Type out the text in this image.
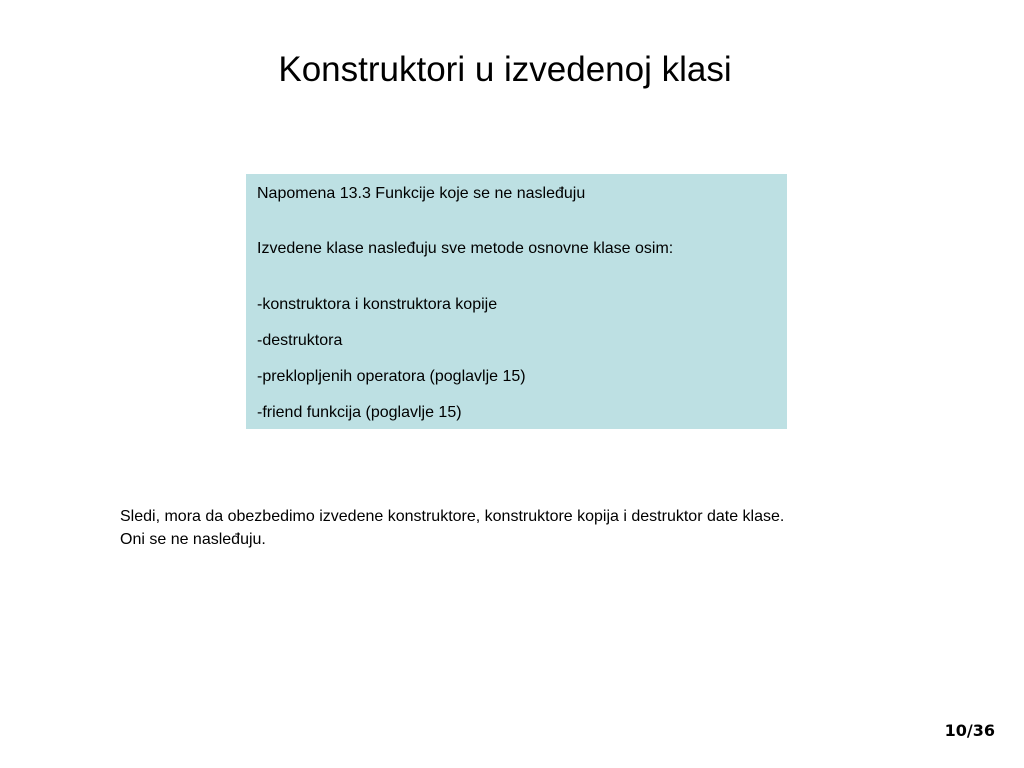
Konstruktori u izvedenoj klasi
Napomena 13.3 Funkcije koje se ne nasleđuju
Izvedene klase nasleđuju sve metode osnovne klase osim:
-konstruktora i konstruktora kopije
-destruktora
-preklopljenih operatora (poglavlje 15)
-friend funkcija (poglavlje 15)
Sledi, mora da obezbedimo izvedene konstruktore, konstruktore kopija i destruktor date klase.
Oni se ne nasleđuju.
10/36
